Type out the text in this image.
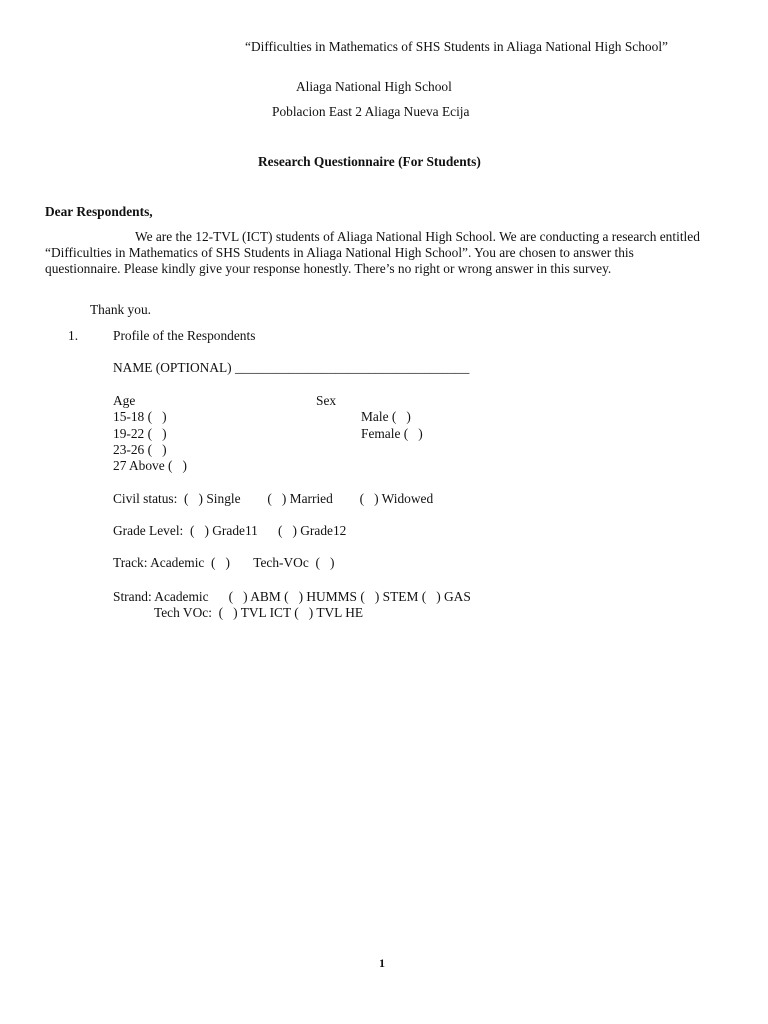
“Difficulties in Mathematics of SHS Students in Aliaga National High School”
Aliaga National High School
Poblacion East 2 Aliaga Nueva Ecija
Research Questionnaire (For Students)
Dear Respondents,
We are the 12-TVL (ICT) students of Aliaga National High School. We are conducting a research entitled “Difficulties in Mathematics of SHS Students in Aliaga National High School”. You are chosen to answer this questionnaire. Please kindly give your response honestly. There’s no right or wrong answer in this survey.
Thank you.
1.	Profile of the Respondents
NAME (OPTIONAL) ___________________________________
Age	Sex
15-18 (   )	Male (   )
19-22 (   )	Female (   )
23-26 (   )
27 Above (   )
Civil status:  (   ) Single        (   ) Married        (   ) Widowed
Grade Level:  (   ) Grade11      (   ) Grade12
Track: Academic  (   )       Tech-VOc  (   )
Strand: Academic      (   ) ABM (   ) HUMMS (   ) STEM (   ) GAS
Tech VOc:  (   ) TVL ICT (   ) TVL HE
1
